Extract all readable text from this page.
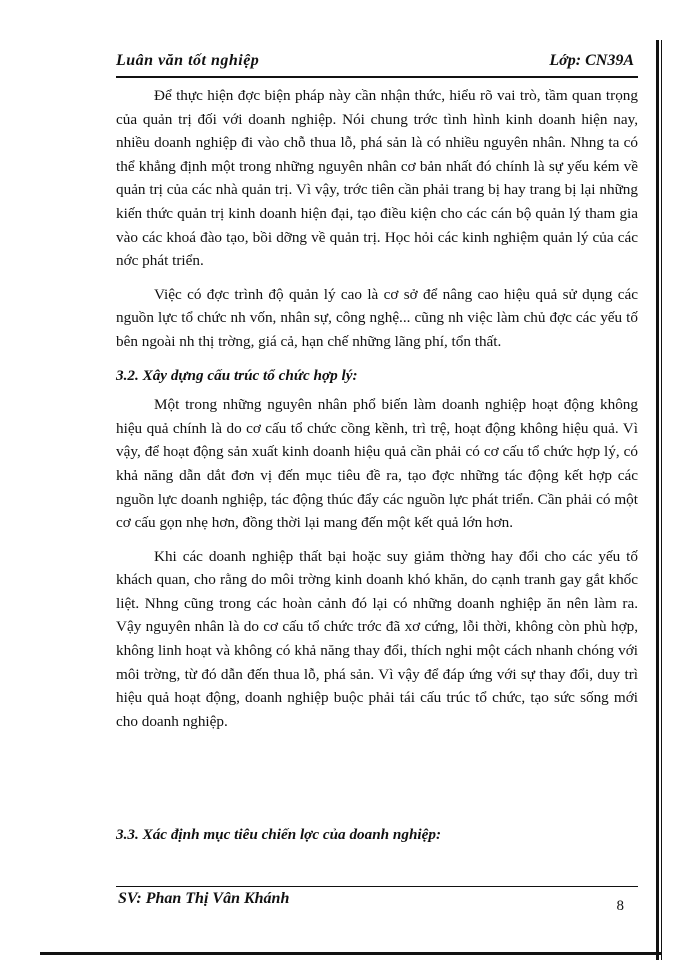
Luân văn tốt nghiệp	Lớp: CN39A

Để thực hiện đợc biện pháp này cần nhận thức, hiểu rõ vai trò, tầm quan trọng của quản trị đối với doanh nghiệp. Nói chung trớc tình hình kinh doanh hiện nay, nhiều doanh nghiệp đi vào chỗ thua lỗ, phá sản là có nhiều nguyên nhân. Nhng ta có thể khẳng định một trong những nguyên nhân cơ bản nhất đó chính là sự yếu kém về quản trị của các nhà quản trị. Vì vậy, trớc tiên cần phải trang bị hay trang bị lại những kiến thức quản trị kinh doanh hiện đại, tạo điều kiện cho các cán bộ quản lý tham gia vào các khoá đào tạo, bồi dỡng về quản trị. Học hỏi các kinh nghiệm quản lý của các nớc phát triển.

Việc có đợc trình độ quản lý cao là cơ sở để nâng cao hiệu quả sử dụng các nguồn lực tổ chức nh vốn, nhân sự, công nghệ... cũng nh việc làm chủ đợc các yếu tố bên ngoài nh thị trờng, giá cả, hạn chế những lãng phí, tổn thất.

3.2. Xây dựng cấu trúc tổ chức hợp lý:

Một trong những nguyên nhân phổ biến làm doanh nghiệp hoạt động không hiệu quả chính là do cơ cấu tổ chức cồng kềnh, trì trệ, hoạt động không hiệu quả. Vì vậy, để hoạt động sản xuất kinh doanh hiệu quả cần phải có cơ cấu tổ chức hợp lý, có khả năng dẫn dắt đơn vị đến mục tiêu đề ra, tạo đợc những tác động kết hợp các nguồn lực doanh nghiệp, tác động thúc đẩy các nguồn lực phát triển. Cần phải có một cơ cấu gọn nhẹ hơn, đồng thời lại mang đến một kết quả lớn hơn.

Khi các doanh nghiệp thất bại hoặc suy giảm thờng hay đổi cho các yếu tố khách quan, cho rằng do môi trờng kinh doanh khó khăn, do cạnh tranh gay gắt khốc liệt. Nhng cũng trong các hoàn cảnh đó lại có những doanh nghiệp ăn nên làm ra. Vậy nguyên nhân là do cơ cấu tổ chức trớc đã xơ cứng, lỗi thời, không còn phù hợp, không linh hoạt và không có khả năng thay đổi, thích nghi một cách nhanh chóng với môi trờng, từ đó dẫn đến thua lỗ, phá sản. Vì vậy để đáp ứng với sự thay đổi, duy trì hiệu quả hoạt động, doanh nghiệp buộc phải tái cấu trúc tổ chức, tạo sức sống mới cho doanh nghiệp.

3.3. Xác định mục tiêu chiến lợc của doanh nghiệp:
SV: Phan Thị Vân Khánh	8
